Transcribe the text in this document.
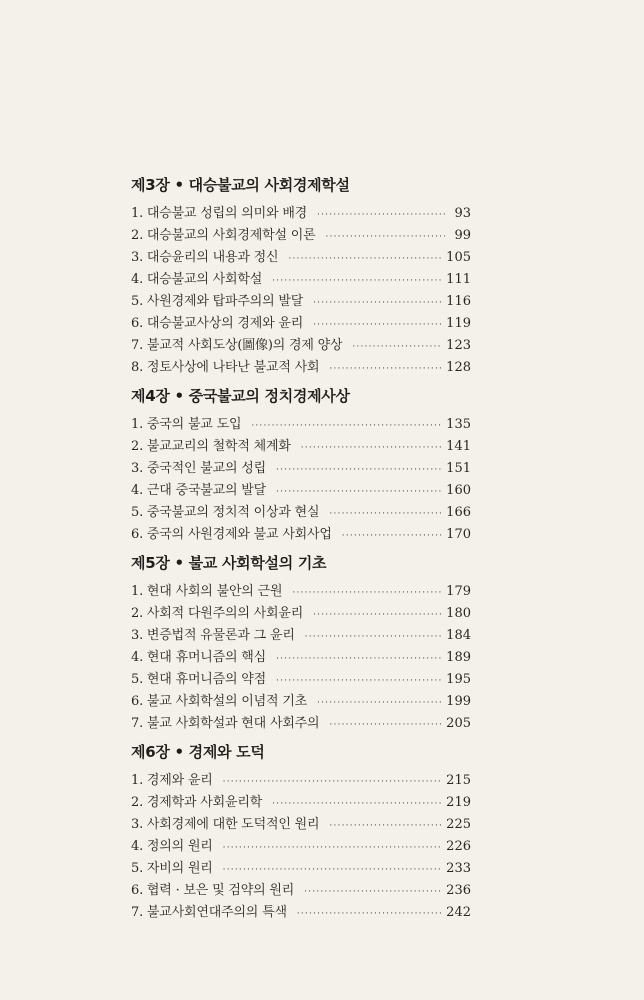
제3장 • 대승불교의 사회경제학설
1. 대승불교 성립의 의미와 배경 ·····	93
2. 대승불교의 사회경제학설 이론 ·····	99
3. 대승윤리의 내용과 정신 ·····	105
4. 대승불교의 사회학설 ·····	111
5. 사원경제와 탑파주의의 발달 ·····	116
6. 대승불교사상의 경제와 윤리 ·····	119
7. 불교적 사회도상(圖像)의 경제 양상 ·····	123
8. 정토사상에 나타난 불교적 사회 ·····	128
제4장 • 중국불교의 정치경제사상
1. 중국의 불교 도입 ·····	135
2. 불교교리의 철학적 체계화 ·····	141
3. 중국적인 불교의 성립 ·····	151
4. 근대 중국불교의 발달 ·····	160
5. 중국불교의 정치적 이상과 현실 ·····	166
6. 중국의 사원경제와 불교 사회사업 ·····	170
제5장 • 불교 사회학설의 기초
1. 현대 사회의 불안의 근원 ·····	179
2. 사회적 다원주의의 사회윤리 ·····	180
3. 변증법적 유물론과 그 윤리 ·····	184
4. 현대 휴머니즘의 핵심 ·····	189
5. 현대 휴머니즘의 약점 ·····	195
6. 불교 사회학설의 이념적 기초 ·····	199
7. 불교 사회학설과 현대 사회주의 ·····	205
제6장 • 경제와 도덕
1. 경제와 윤리 ·····	215
2. 경제학과 사회윤리학 ·····	219
3. 사회경제에 대한 도덕적인 원리 ·····	225
4. 정의의 원리 ·····	226
5. 자비의 원리 ·····	233
6. 협력 · 보은 및 검약의 원리 ·····	236
7. 불교사회연대주의의 특색 ·····	242
